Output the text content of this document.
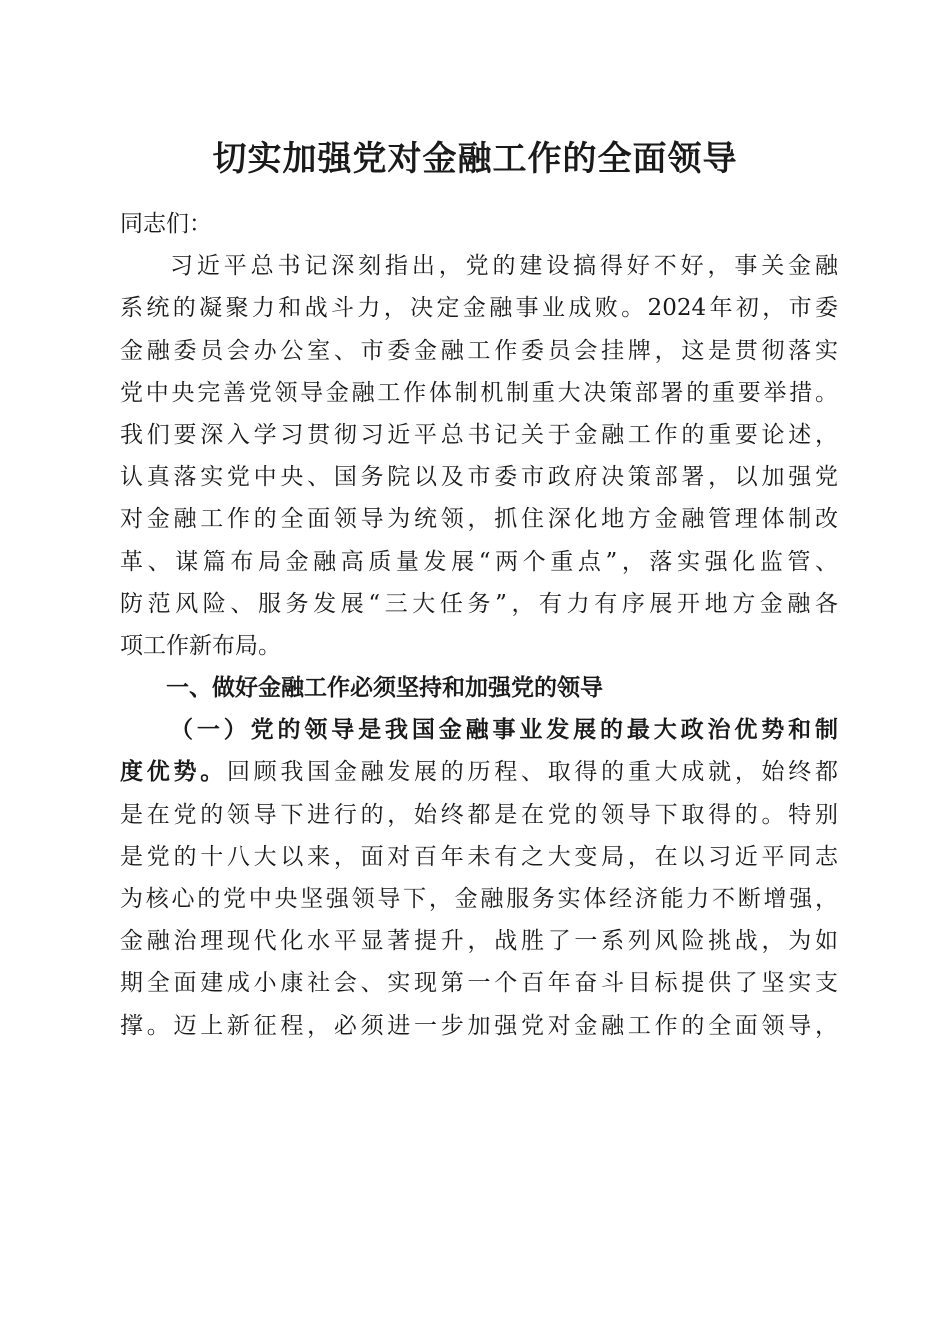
切实加强党对金融工作的全面领导
同志们：
习近平总书记深刻指出，党的建设搞得好不好，事关金融
系统的凝聚力和战斗力，决定金融事业成败。2024年初，市委
金融委员会办公室、市委金融工作委员会挂牌，这是贯彻落实
党中央完善党领导金融工作体制机制重大决策部署的重要举措。
我们要深入学习贯彻习近平总书记关于金融工作的重要论述，
认真落实党中央、国务院以及市委市政府决策部署，以加强党
对金融工作的全面领导为统领，抓住深化地方金融管理体制改
革、谋篇布局金融高质量发展“两个重点”，落实强化监管、
防范风险、服务发展“三大任务”，有力有序展开地方金融各
项工作新布局。
一、做好金融工作必须坚持和加强党的领导
（一）党的领导是我国金融事业发展的最大政治优势和制
度优势。回顾我国金融发展的历程、取得的重大成就，始终都
是在党的领导下进行的，始终都是在党的领导下取得的。特别
是党的十八大以来，面对百年未有之大变局，在以习近平同志
为核心的党中央坚强领导下，金融服务实体经济能力不断增强，
金融治理现代化水平显著提升，战胜了一系列风险挑战，为如
期全面建成小康社会、实现第一个百年奋斗目标提供了坚实支
撑。迈上新征程，必须进一步加强党对金融工作的全面领导，
